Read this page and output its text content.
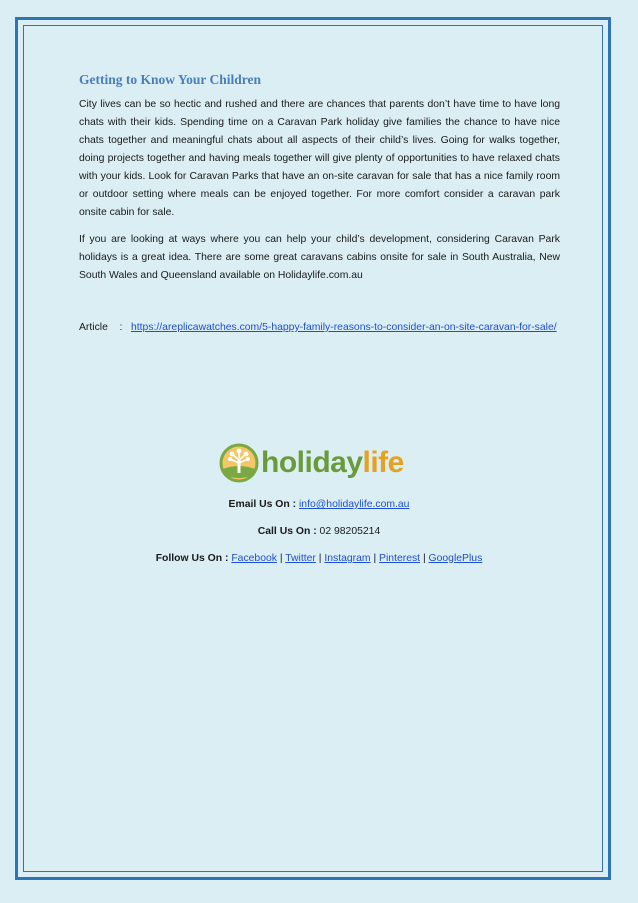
Getting to Know Your Children

City lives can be so hectic and rushed and there are chances that parents don’t have time to have long chats with their kids. Spending time on a Caravan Park holiday give families the chance to have nice chats together and meaningful chats about all aspects of their child’s lives. Going for walks together, doing projects together and having meals together will give plenty of opportunities to have relaxed chats with your kids. Look for Caravan Parks that have an on-site caravan for sale that has a nice family room or outdoor setting where meals can be enjoyed together. For more comfort consider a caravan park onsite cabin for sale.

If you are looking at ways where you can help your child’s development, considering Caravan Park holidays is a great idea. There are some great caravans cabins onsite for sale in South Australia, New South Wales and Queensland available on Holidaylife.com.au

Article : https://areplicawatches.com/5-happy-family-reasons-to-consider-an-on-site-caravan-for-sale/
holidaylife
Email Us On : info@holidaylife.com.au
Call Us On : 02 98205214
Follow Us On : Facebook | Twitter | Instagram | Pinterest | GooglePlus
